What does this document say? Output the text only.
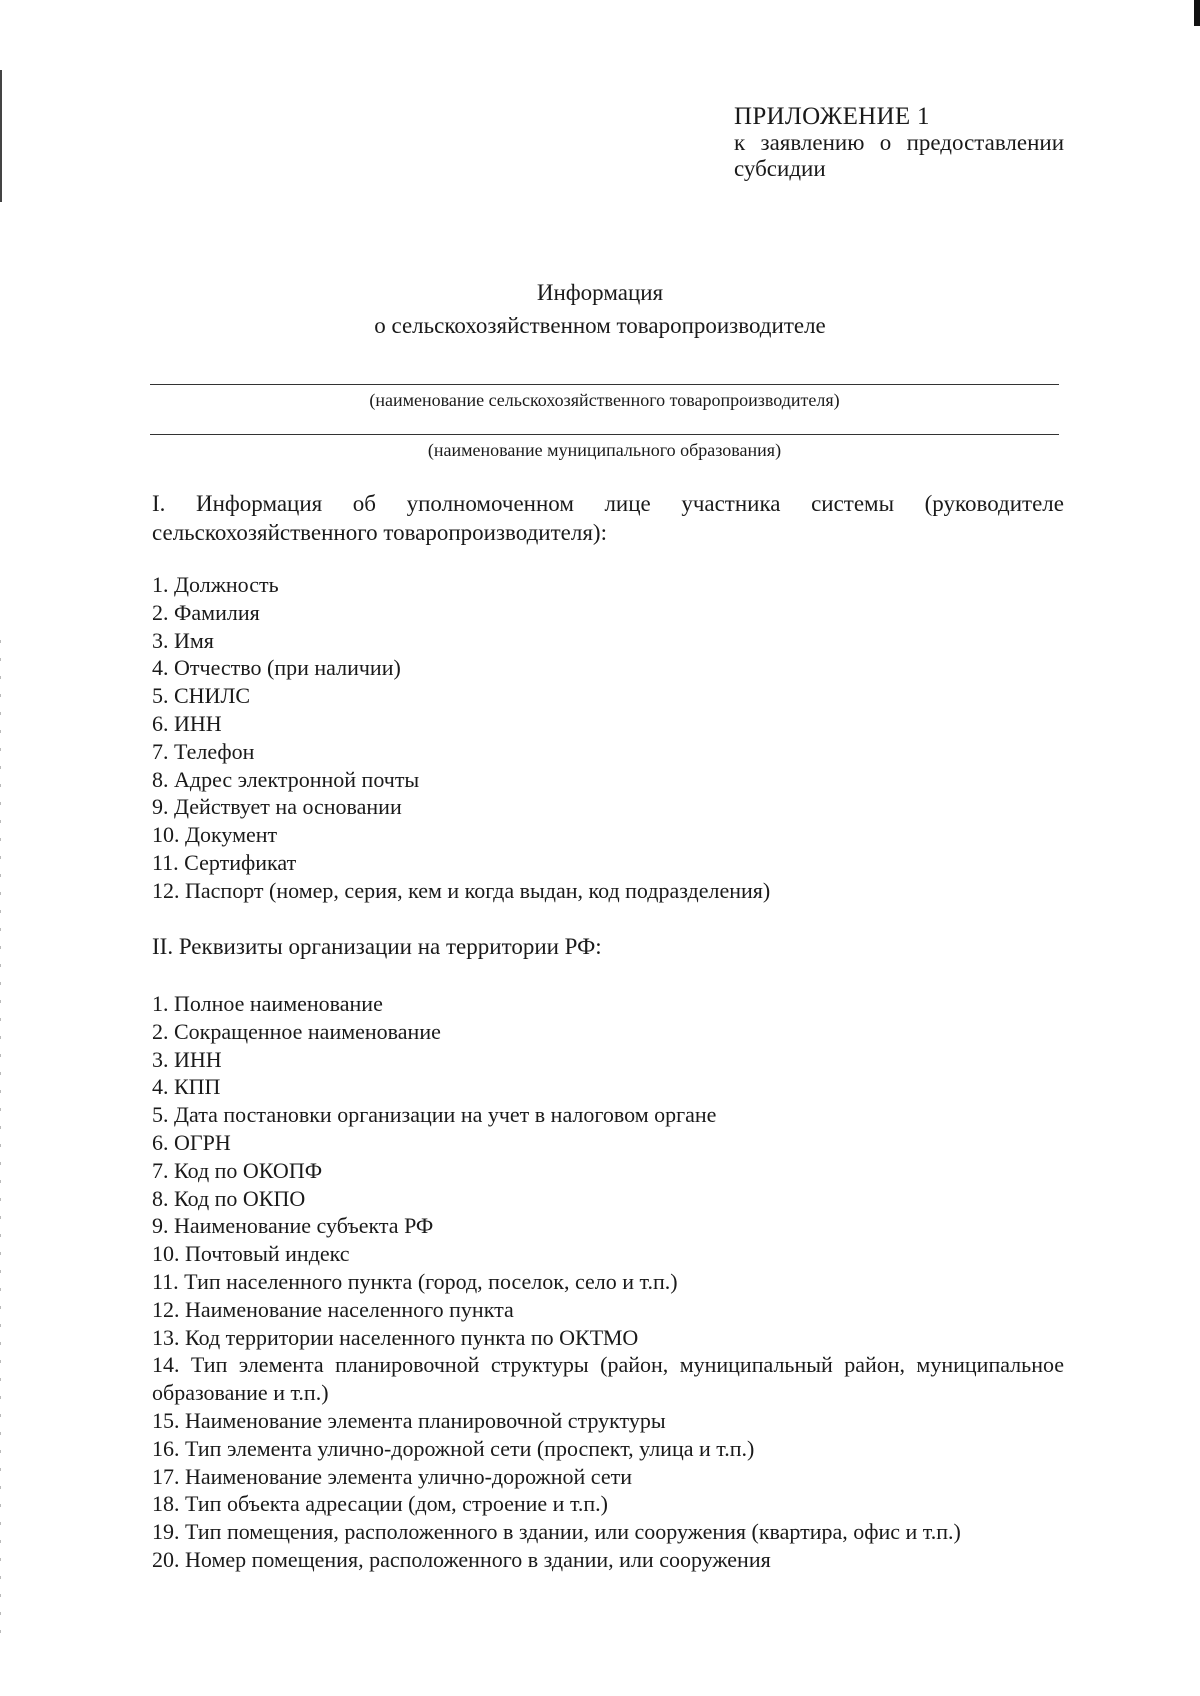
ПРИЛОЖЕНИЕ 1
к заявлению о предоставлении
субсидии
Информация
о сельскохозяйственном товаропроизводителе
(наименование сельскохозяйственного товаропроизводителя)
(наименование муниципального образования)
I. Информация об уполномоченном лице участника системы (руководителе сельскохозяйственного товаропроизводителя):
1. Должность
2. Фамилия
3. Имя
4. Отчество (при наличии)
5. СНИЛС
6. ИНН
7. Телефон
8. Адрес электронной почты
9. Действует на основании
10. Документ
11. Сертификат
12. Паспорт (номер, серия, кем и когда выдан, код подразделения)
II. Реквизиты организации на территории РФ:
1. Полное наименование
2. Сокращенное наименование
3. ИНН
4. КПП
5. Дата постановки организации на учет в налоговом органе
6. ОГРН
7. Код по ОКОПФ
8. Код по ОКПО
9. Наименование субъекта РФ
10. Почтовый индекс
11. Тип населенного пункта (город, поселок, село и т.п.)
12. Наименование населенного пункта
13. Код территории населенного пункта по ОКТМО
14. Тип элемента планировочной структуры (район, муниципальный район, муниципальное образование и т.п.)
15. Наименование элемента планировочной структуры
16. Тип элемента улично-дорожной сети (проспект, улица и т.п.)
17. Наименование элемента улично-дорожной сети
18. Тип объекта адресации (дом, строение и т.п.)
19. Тип помещения, расположенного в здании, или сооружения (квартира, офис и т.п.)
20. Номер помещения, расположенного в здании, или сооружения
